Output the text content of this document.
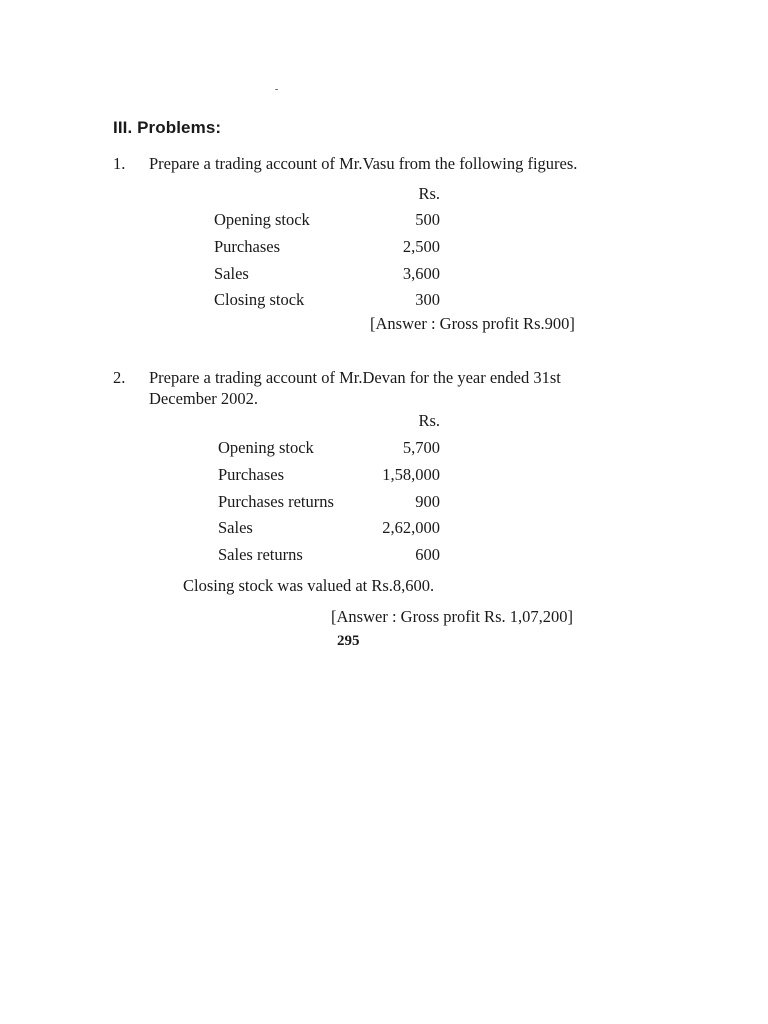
-
III. Problems:
1.	Prepare a trading account of Mr.Vasu from the following figures.
Rs.
Opening stock	500
Purchases	2,500
Sales	3,600
Closing stock	300
[Answer : Gross profit Rs.900]
2.	Prepare a trading account of Mr.Devan for the year ended 31st December 2002.
Rs.
Opening stock	5,700
Purchases	1,58,000
Purchases returns	900
Sales	2,62,000
Sales returns	600
Closing stock was valued at Rs.8,600.
[Answer : Gross profit Rs. 1,07,200]
295
